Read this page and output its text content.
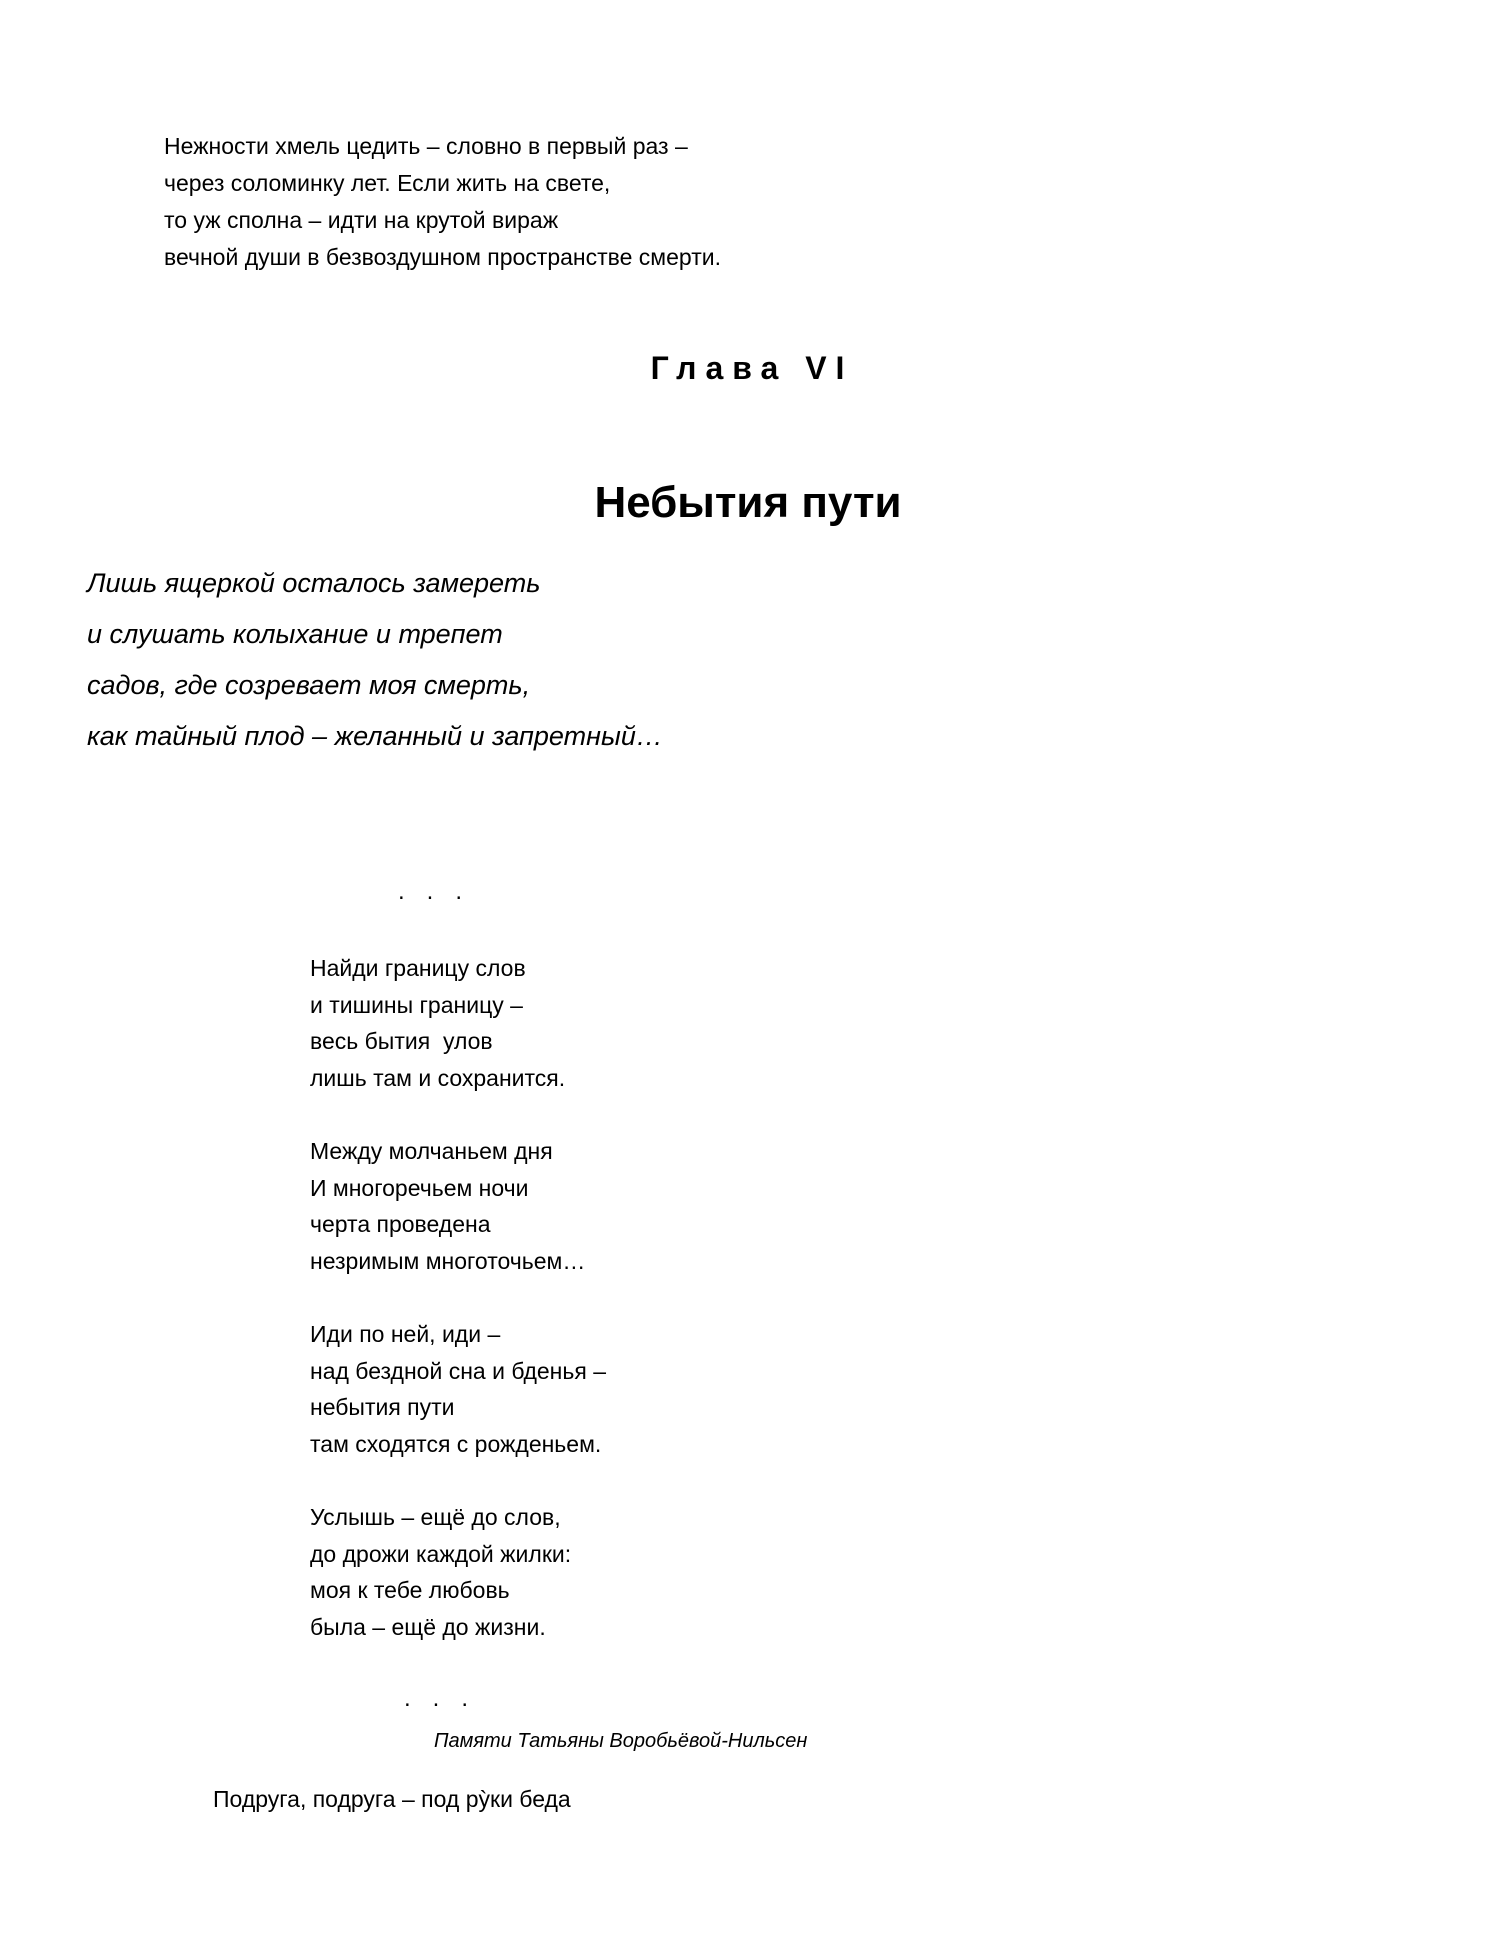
Нежности хмель цедить – словно в первый раз –
через соломинку лет. Если жить на свете,
то уж сполна – идти на крутой вираж
вечной души в безвоздушном пространстве смерти.
Глава VI
Небытия пути
Лишь ящеркой осталось замереть
и слушать колыхание и трепет
садов, где созревает моя смерть,
как тайный плод – желанный и запретный…
...
Найди границу слов
и тишины границу –
весь бытия  улов
лишь там и сохранится.
Между молчаньем дня
И многоречьем ночи
черта проведена
незримым многоточьем…
Иди по ней, иди –
над бездной сна и бденья –
небытия пути
там сходятся с рожденьем.
Услышь – ещё до слов,
до дрожи каждой жилки:
моя к тебе любовь
была – ещё до жизни.
...
Памяти Татьяны Воробьёвой-Нильсен
Подруга, подруга – под рỳки беда
